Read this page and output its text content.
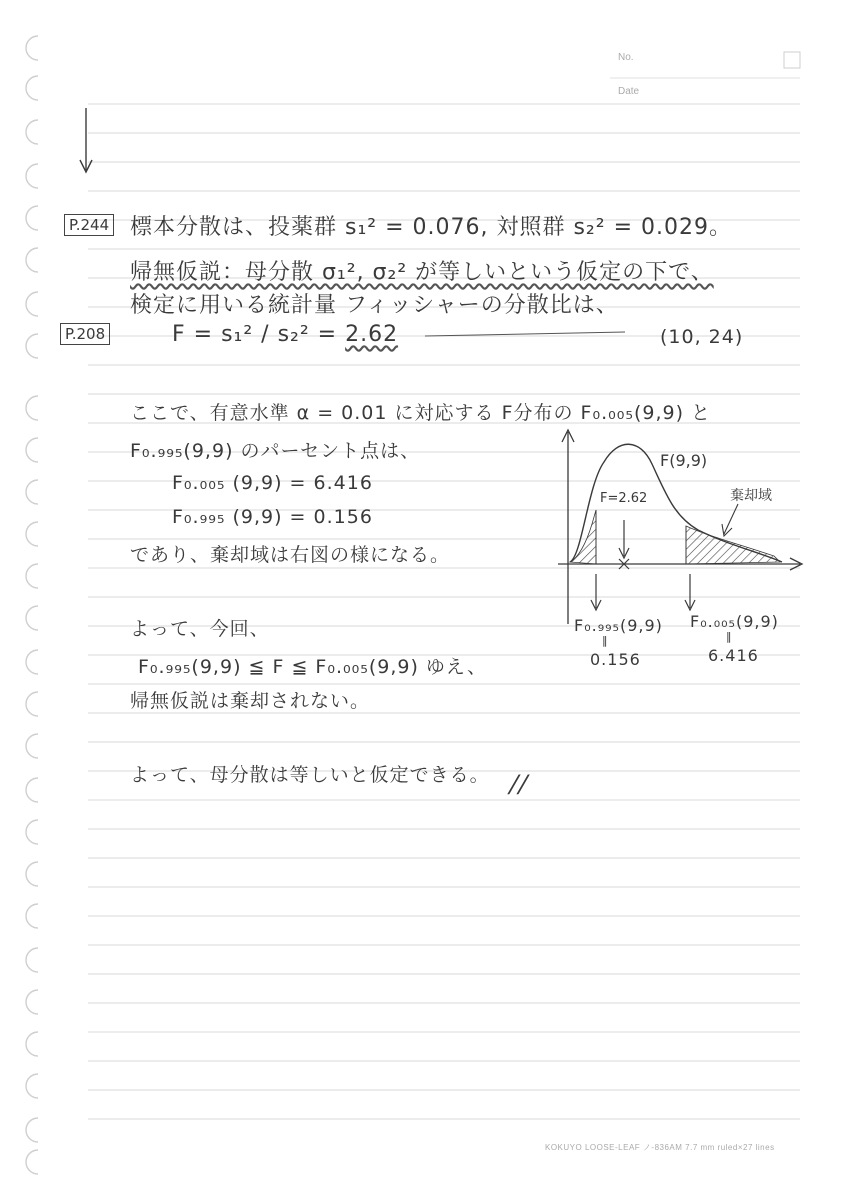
No.
Date
P.244
P.208
標本分散は、投薬群 s₁² = 0.076, 対照群 s₂² = 0.029。
帰無仮説：母分散 σ₁², σ₂² が等しいという仮定の下で、
検定に用いる統計量 フィッシャーの分散比は、
F = s₁² / s₂² = 2.62	(10, 24)
ここで、有意水準 α = 0.01 に対応する F分布の F₀.₀₀₅(9,9) と
F₀.₉₉₅(9,9) のパーセント点は、
F₀.₀₀₅ (9,9) = 6.416
F₀.₉₉₅ (9,9) = 0.156
であり、棄却域は右図の様になる。
よって、今回、
F₀.₉₉₅(9,9) ≦ F ≦ F₀.₀₀₅(9,9) ゆえ、
帰無仮説は棄却されない。
よって、母分散は等しいと仮定できる。 //
F(9,9)
F=2.62	棄却域
F₀.₉₉₅(9,9) F₀.₀₀₅(9,9)
‖	‖
0.156	6.416
KOKUYO LOOSE-LEAF ノ-836AM 7.7 mm ruled×27 lines
